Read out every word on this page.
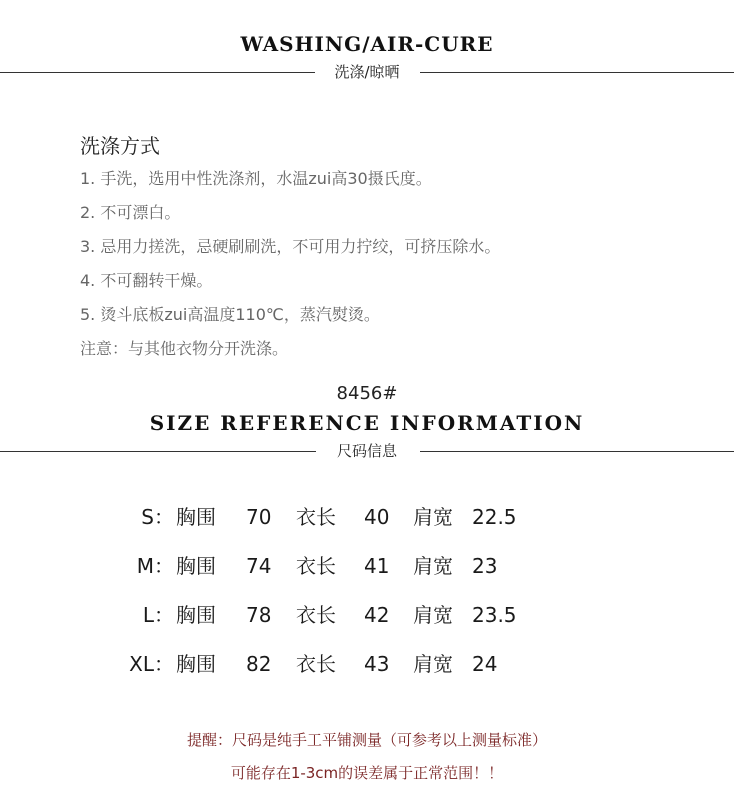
WASHING/AIR-CURE
洗涤/晾晒
洗涤方式
1. 手洗，选用中性洗涤剂，水温zui高30摄氏度。
2. 不可漂白。
3. 忌用力搓洗，忌硬刷刷洗，不可用力拧绞，可挤压除水。
4. 不可翻转干燥。
5. 烫斗底板zui高温度110℃，蒸汽熨烫。
注意：与其他衣物分开洗涤。
8456#
SIZE REFERENCE INFORMATION
尺码信息
S： 胸围 70 衣长 40 肩宽 22.5
M： 胸围 74 衣长 41 肩宽 23
L： 胸围 78 衣长 42 肩宽 23.5
XL： 胸围 82 衣长 43 肩宽 24
提醒：尺码是纯手工平铺测量（可参考以上测量标准）
可能存在1-3cm的误差属于正常范围！！
